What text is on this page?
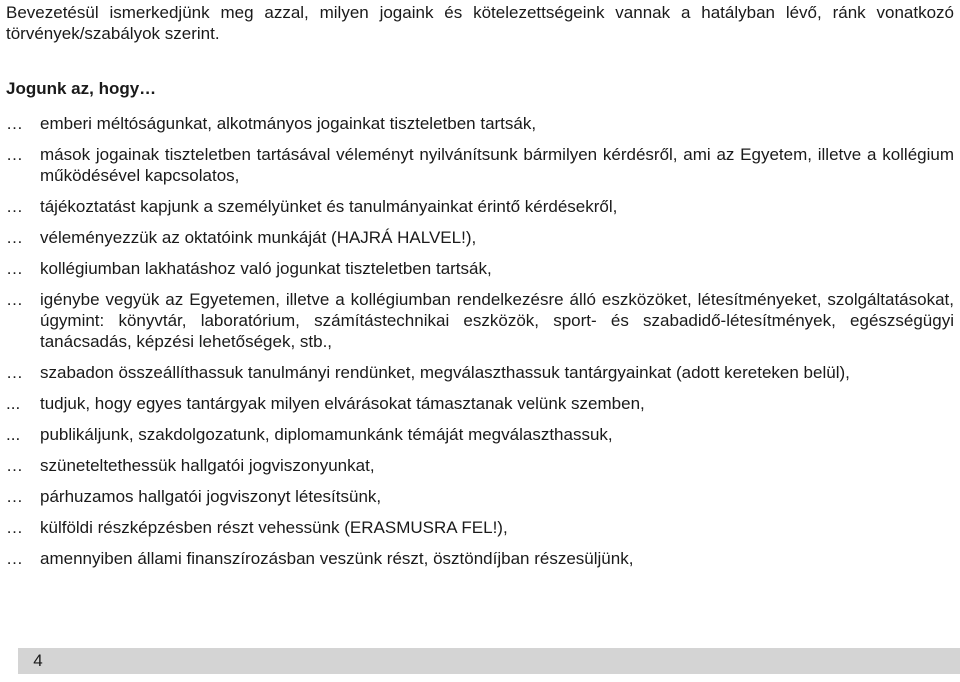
Bevezetésül ismerkedjünk meg azzal, milyen jogaink és kötelezettségeink vannak a hatályban lévő, ránk vonatkozó törvények/szabályok szerint.

Jogunk az, hogy…
…	emberi méltóságunkat, alkotmányos jogainkat tiszteletben tartsák,
…	mások jogainak tiszteletben tartásával véleményt nyilvánítsunk bármilyen kérdésről, ami az Egyetem, illetve a kollégium működésével kapcsolatos,
…	tájékoztatást kapjunk a személyünket és tanulmányainkat érintő kérdésekről,
…	véleményezzük az oktatóink munkáját (HAJRÁ HALVEL!),
…	kollégiumban lakhatáshoz való jogunkat tiszteletben tartsák,
…	igénybe vegyük az Egyetemen, illetve a kollégiumban rendelkezésre álló eszközöket, létesítményeket, szolgáltatásokat, úgymint: könyvtár, laboratórium, számítástechnikai eszközök, sport- és szabadidő-létesítmények, egészségügyi tanácsadás, képzési lehetőségek, stb.,
…	szabadon összeállíthassuk tanulmányi rendünket, megválaszthassuk tantárgyainkat (adott kereteken belül),
...	tudjuk, hogy egyes tantárgyak milyen elvárásokat támasztanak velünk szemben,
...	publikáljunk, szakdolgozatunk, diplomamunkánk témáját megválaszthassuk,
…	szüneteltethessük hallgatói jogviszonyunkat,
…	párhuzamos hallgatói jogviszonyt létesítsünk,
…	külföldi részképzésben részt vehessünk (ERASMUSRA FEL!),
…	amennyiben állami finanszírozásban veszünk részt, ösztöndíjban részesüljünk,
4
